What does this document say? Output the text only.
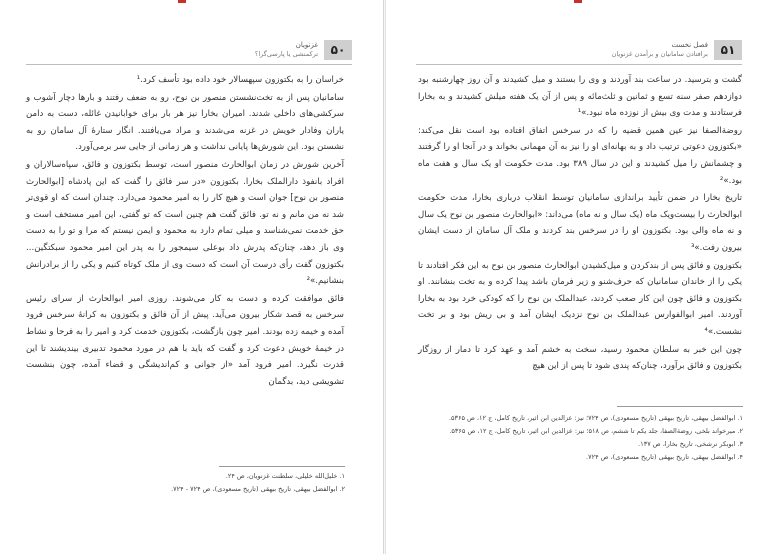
۵۰
غزنویان
ترکمنشی یا پارسی‌گرا؟

خراسان را به بکتوزون سپهسالار خود داده بود تأسف کرد.¹

سامانیان پس از به تخت‌نشستن منصور بن نوح، رو به ضعف رفتند و بارها دچار آشوب و سرکشی‌های داخلی شدند. امیران بخارا نیز هر بار برای خوابانیدن غائله، دست به دامن یاران وفادار خویش در غزنه می‌شدند و مراد می‌یافتند. انگار ستارهٔ آل سامان رو به نشستن بود. این شورش‌ها پایانی نداشت و هر زمانی از جایی سر برمی‌آورد.

آخرین شورش در زمان ابوالحارث منصور است، توسط بکتوزون و فائق، سپاه‌سالاران و افراد بانفوذ دارالملک بخارا. بکتوزون «در سر فائق را گفت که این پادشاه [ابوالحارث منصور بن نوح] جوان است و هیچ کار را به امیر محمود می‌دارد. چندان است که او قوی‌تر شد نه من مانم و نه تو. فائق گفت هم چنین است که تو گفتی، این امیر مستخف است و حق خدمت نمی‌شناسد و میلی تمام دارد به محمود و ایمن نیستم که مرا و تو را به دست وی باز دهد، چنان‌که پدرش داد بوعلی سیمجور را به پدر این امیر محمود سبکتگین... بکتوزون گفت رأی درست آن است که دست وی از ملک کوتاه کنیم و یکی را از برادرانش بنشانیم.»²

فائق موافقت کرده و دست به کار می‌شوند. روزی امیر ابوالحارث از سرای رئیس سرخس به قصد شکار بیرون می‌آید. پیش از آن فائق و بکتوزون به کرانهٔ سرخس فرود آمده و خیمه زده بودند. امیر چون بازگشت، بکتوزون خدمت کرد و امیر را به فرحا و نشاط در خیمهٔ خویش دعوت کرد و گفت که باید با هم در مورد محمود تدبیری بیندیشند تا این قدرت نگیرد. امیر فرود آمد «از جوانی و کم‌اندیشگی و قضاء آمده، چون بنشست تشویشی دید، بدگمان

۱. خلیل‌الله خلیلی، سلطنت غزنویان، ص ۲۴.
۲. ابوالفضل بیهقی، تاریخ بیهقی (تاریخ مسعودی)، ص ۷۲۴ - ۷۲۴.
۵۱
فصل نخست
برافتادن سامانیان و برآمدن غزنویان

گشت و بترسید. در ساعت بند آوردند و وی را بستند و میل کشیدند و آن روز چهارشنبه بود دوازدهم صفر سنه تسع و ثمانین و ثلث‌مائه و پس از آن یک هفته میلش کشیدند و به بخارا فرستادند و مدت وی بیش از نوزده ماه نبود.»¹

روضةالصفا نیز عین همین قضیه را که در سرخس اتفاق افتاده بود است نقل می‌کند: «بکتوزون دعوتی ترتیب داد و به بهانه‌ای او را نیز به آن مهمانی بخواند و در آنجا او را گرفتند و چشمانش را میل کشیدند و این در سال ۳۸۹ بود. مدت حکومت او یک سال و هفت ماه بود.»²

تاریخ بخارا در ضمن تأیید براندازی سامانیان توسط انقلاب درباری بخارا، مدت حکومت ابوالحارث را بیست‌ویک ماه (یک سال و نه ماه) می‌داند: «ابوالحارث منصور بن نوح یک سال و نه ماه والی بود. بکتوزون او را در سرخس بند کردند و ملک آل سامان از دست ایشان بیرون رفت.»³

بکتوزون و فائق پس از بندکردن و میل‌کشیدن ابوالحارث منصور بن نوح به این فکر افتادند تا یکی را از خاندان سامانیان که حرف‌شنو و زیر فرمان باشد پیدا کرده و به تخت بنشانند. او بکتوزون و فائق چون این کار صعب کردند، عبدالملک بن نوح را که کودکی خرد بود به بخارا آوردند. امیر ابوالفوارس عبدالملک بن نوح نزدیک ایشان آمد و بی ریش بود و بر تخت نشست.»⁴

چون این خبر به سلطان محمود رسید، سخت به خشم آمد و عهد کرد تا دمار از روزگار بکتوزون و فائق برآورد، چنان‌که پندی شود تا پس از این هیچ

۱. ابوالفضل بیهقی، تاریخ بیهقی (تاریخ مسعودی)، ص ۷۲۴؛ نیز: عزالدین ابن اثیر، تاریخ کامل، ج ۱۲، ص ۵۳۶۵.
۲. میرخواند بلخی، روضةالصفا، جلد یکم تا ششم، ص ۵۱۸؛ نیز: عزالدین ابن اثیر، تاریخ کامل، ج ۱۲، ص ۵۳۶۵.
۳. ابوبکر نرشخی، تاریخ بخارا، ص ۱۳۷.
۴. ابوالفضل بیهقی، تاریخ بیهقی (تاریخ مسعودی)، ص ۷۲۴.
